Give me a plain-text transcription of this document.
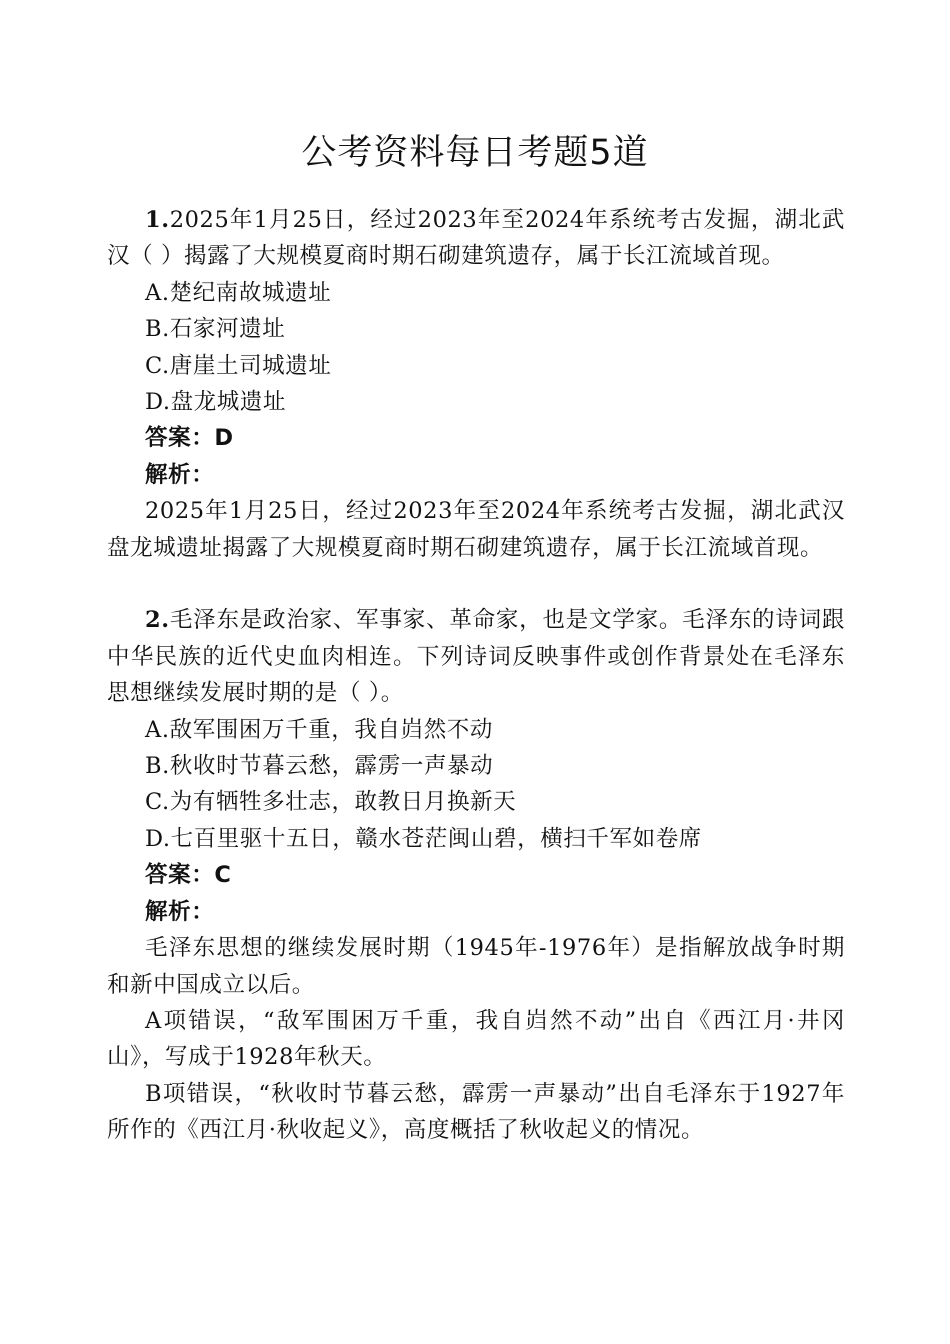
公考资料每日考题5道

1.2025年1月25日，经过2023年至2024年系统考古发掘，湖北武汉（ ）揭露了大规模夏商时期石砌建筑遗存，属于长江流域首现。

A.楚纪南故城遗址

B.石家河遗址

C.唐崖土司城遗址

D.盘龙城遗址

答案：D

解析：

2025年1月25日，经过2023年至2024年系统考古发掘，湖北武汉盘龙城遗址揭露了大规模夏商时期石砌建筑遗存，属于长江流域首现。

2.毛泽东是政治家、军事家、革命家，也是文学家。毛泽东的诗词跟中华民族的近代史血肉相连。下列诗词反映事件或创作背景处在毛泽东思想继续发展时期的是（ ）。

A.敌军围困万千重，我自岿然不动

B.秋收时节暮云愁，霹雳一声暴动

C.为有牺牲多壮志，敢教日月换新天

D.七百里驱十五日，赣水苍茫闽山碧，横扫千军如卷席

答案：C

解析：

毛泽东思想的继续发展时期（1945年-1976年）是指解放战争时期和新中国成立以后。

A项错误，“敌军围困万千重，我自岿然不动”出自《西江月·井冈山》，写成于1928年秋天。

B项错误，“秋收时节暮云愁，霹雳一声暴动”出自毛泽东于1927年所作的《西江月·秋收起义》，高度概括了秋收起义的情况。
